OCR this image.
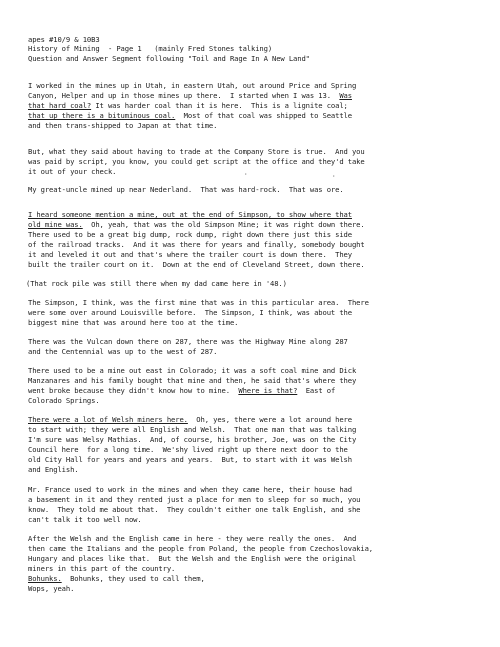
apes #10/9 & 10B3
History of Mining  - Page 1   (mainly Fred Stones talking)
Question and Answer Segment following "Toil and Rage In A New Land"
I worked in the mines up in Utah, in eastern Utah, out around Price and Spring
Canyon, Helper and up in those mines up there.  I started when I was 13.  Was
that hard coal? It was harder coal than it is here.  This is a lignite coal;
that up there is a bituminous coal.  Most of that coal was shipped to Seattle
and then trans-shipped to Japan at that time.
But, what they said about having to trade at the Company Store is true.  And you
was paid by script, you know, you could get script at the office and they'd take
it out of your check.
My great-uncle mined up near Nederland.  That was hard-rock.  That was ore.
I heard someone mention a mine, out at the end of Simpson, to show where that
old mine was.  Oh, yeah, that was the old Simpson Mine; it was right down there.
There used to be a great big dump, rock dump, right down there just this side
of the railroad tracks.  And it was there for years and finally, somebody bought
it and leveled it out and that's where the trailer court is down there.  They
built the trailer court on it.  Down at the end of Cleveland Street, down there.
(That rock pile was still there when my dad came here in '48.)
The Simpson, I think, was the first mine that was in this particular area.  There
were some over around Louisville before.  The Simpson, I think, was about the
biggest mine that was around here too at the time.
There was the Vulcan down there on 287, there was the Highway Mine along 287
and the Centennial was up to the west of 287.
There used to be a mine out east in Colorado; it was a soft coal mine and Dick
Manzanares and his family bought that mine and then, he said that's where they
went broke because they didn't know how to mine.  Where is that?  East of
Colorado Springs.
There were a lot of Welsh miners here.  Oh, yes, there were a lot around here
to start with; they were all English and Welsh.  That one man that was talking
I'm sure was Welsy Mathias.  And, of course, his brother, Joe, was on the City
Council here  for a long time.  We'shy lived right up there next door to the
old City Hall for years and years and years.  But, to start with it was Welsh
and English.
Mr. France used to work in the mines and when they came here, their house had
a basement in it and they rented just a place for men to sleep for so much, you
know.  They told me about that.  They couldn't either one talk English, and she
can't talk it too well now.
After the Welsh and the English came in here - they were really the ones.  And
then came the Italians and the people from Poland, the people from Czechoslovakia,
Hungary and places like that.  But the Welsh and the English were the original
miners in this part of the country.
Bohunks.  Bohunks, they used to call them,
Wops, yeah.
·	·
